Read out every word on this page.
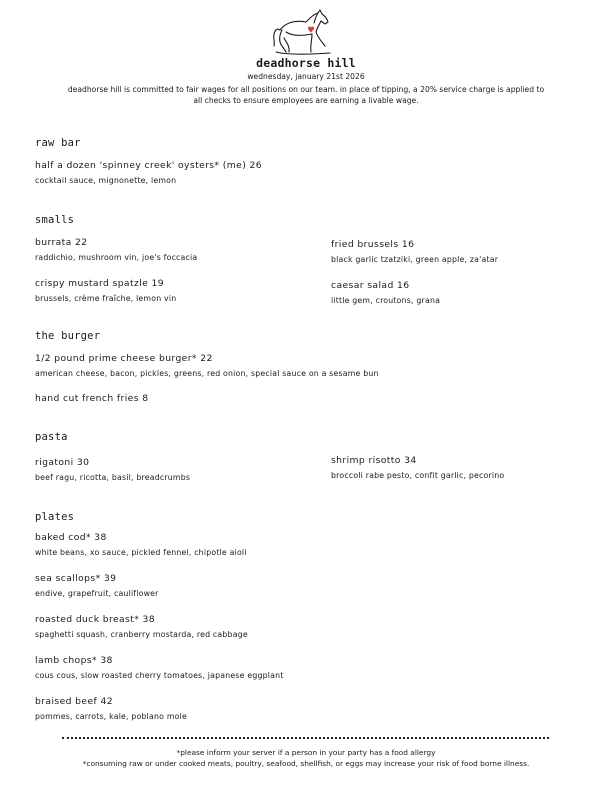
deadhorse hill
wednesday, january 21st 2026
deadhorse hill is committed to fair wages for all positions on our team. in place of tipping, a 20% service charge is applied to
all checks to ensure employees are earning a livable wage.
raw bar
half a dozen 'spinney creek' oysters* (me) 26
cocktail sauce, mignonette, lemon
smalls
burrata 22
raddichio, mushroom vin, joe's foccacia
fried brussels 16
black garlic tzatziki, green apple, za'atar
crispy mustard spatzle 19
brussels, crème fraîche, lemon vin
caesar salad 16
little gem, croutons, grana
the burger
1/2 pound prime cheese burger* 22
american cheese, bacon, pickles, greens, red onion, special sauce on a sesame bun
hand cut french fries 8
pasta
rigatoni 30
beef ragu, ricotta, basil, breadcrumbs
shrimp risotto 34
broccoli rabe pesto, confit garlic, pecorino
plates
baked cod* 38
white beans, xo sauce, pickled fennel, chipotle aioli
sea scallops* 39
endive, grapefruit, cauliflower
roasted duck breast* 38
spaghetti squash, cranberry mostarda, red cabbage
lamb chops* 38
cous cous, slow roasted cherry tomatoes, japanese eggplant
braised beef 42
pommes, carrots, kale, poblano mole
*please inform your server if a person in your party has a food allergy
*consuming raw or under cooked meats, poultry, seafood, shellfish, or eggs may increase your risk of food borne illness.
